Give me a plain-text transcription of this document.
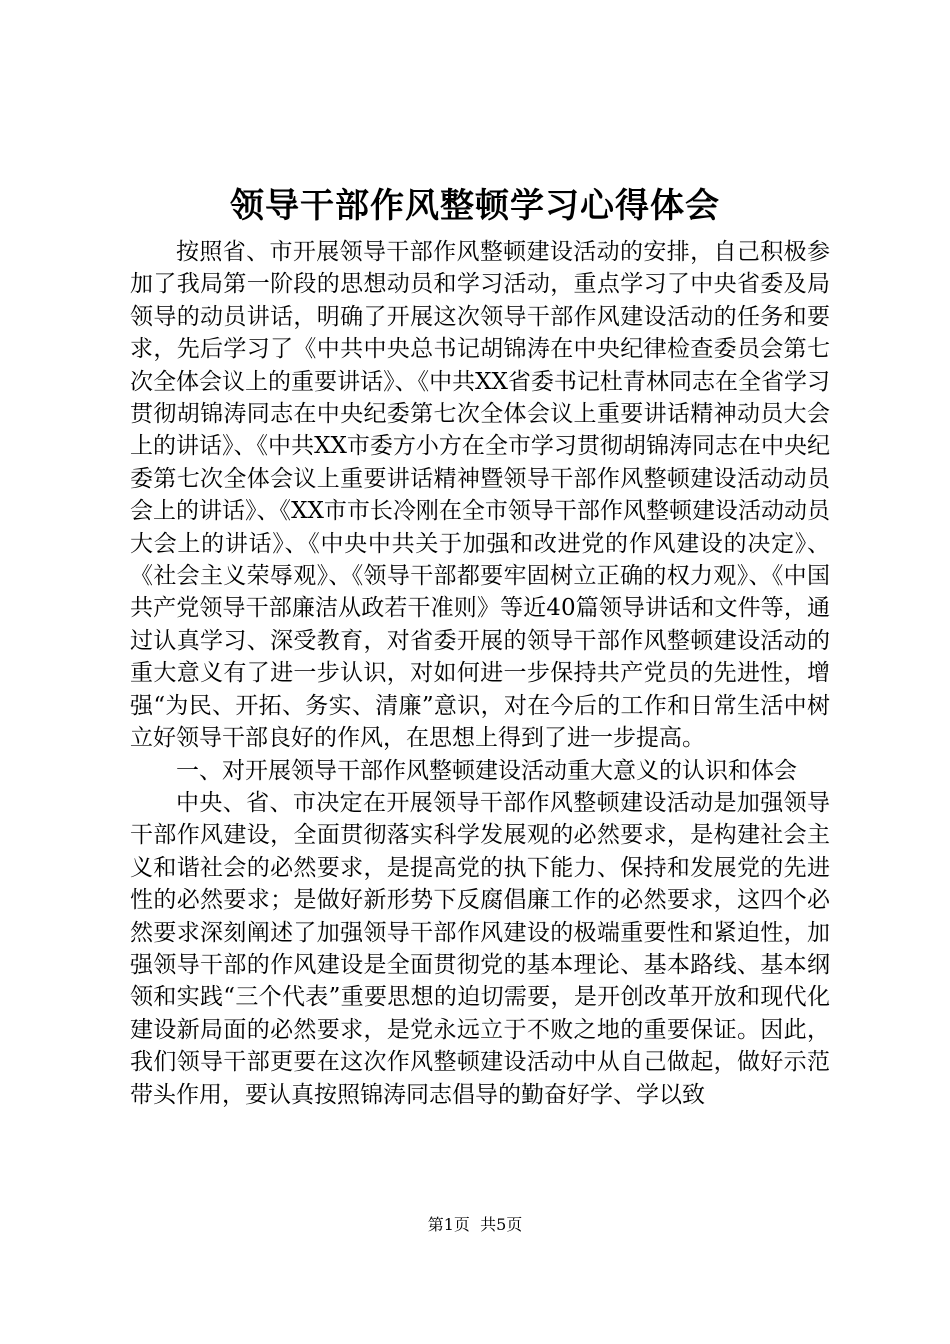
领导干部作风整顿学习心得体会

按照省、市开展领导干部作风整顿建设活动的安排，自己积极参加了我局第一阶段的思想动员和学习活动，重点学习了中央省委及局领导的动员讲话，明确了开展这次领导干部作风建设活动的任务和要求，先后学习了《中共中央总书记胡锦涛在中央纪律检查委员会第七次全体会议上的重要讲话》、《中共XX省委书记杜青林同志在全省学习贯彻胡锦涛同志在中央纪委第七次全体会议上重要讲话精神动员大会上的讲话》、《中共XX市委方小方在全市学习贯彻胡锦涛同志在中央纪委第七次全体会议上重要讲话精神暨领导干部作风整顿建设活动动员会上的讲话》、《XX市市长冷刚在全市领导干部作风整顿建设活动动员大会上的讲话》、《中央中共关于加强和改进党的作风建设的决定》、《社会主义荣辱观》、《领导干部都要牢固树立正确的权力观》、《中国共产党领导干部廉洁从政若干准则》等近40篇领导讲话和文件等，通过认真学习、深受教育，对省委开展的领导干部作风整顿建设活动的重大意义有了进一步认识，对如何进一步保持共产党员的先进性，增强“为民、开拓、务实、清廉”意识，对在今后的工作和日常生活中树立好领导干部良好的作风，在思想上得到了进一步提高。

一、对开展领导干部作风整顿建设活动重大意义的认识和体会

中央、省、市决定在开展领导干部作风整顿建设活动是加强领导干部作风建设，全面贯彻落实科学发展观的必然要求，是构建社会主义和谐社会的必然要求，是提高党的执下能力、保持和发展党的先进性的必然要求；是做好新形势下反腐倡廉工作的必然要求，这四个必然要求深刻阐述了加强领导干部作风建设的极端重要性和紧迫性，加强领导干部的作风建设是全面贯彻党的基本理论、基本路线、基本纲领和实践“三个代表”重要思想的迫切需要，是开创改革开放和现代化建设新局面的必然要求，是党永远立于不败之地的重要保证。因此，我们领导干部更要在这次作风整顿建设活动中从自己做起，做好示范带头作用，要认真按照锦涛同志倡导的勤奋好学、学以致

第1页 共5页
